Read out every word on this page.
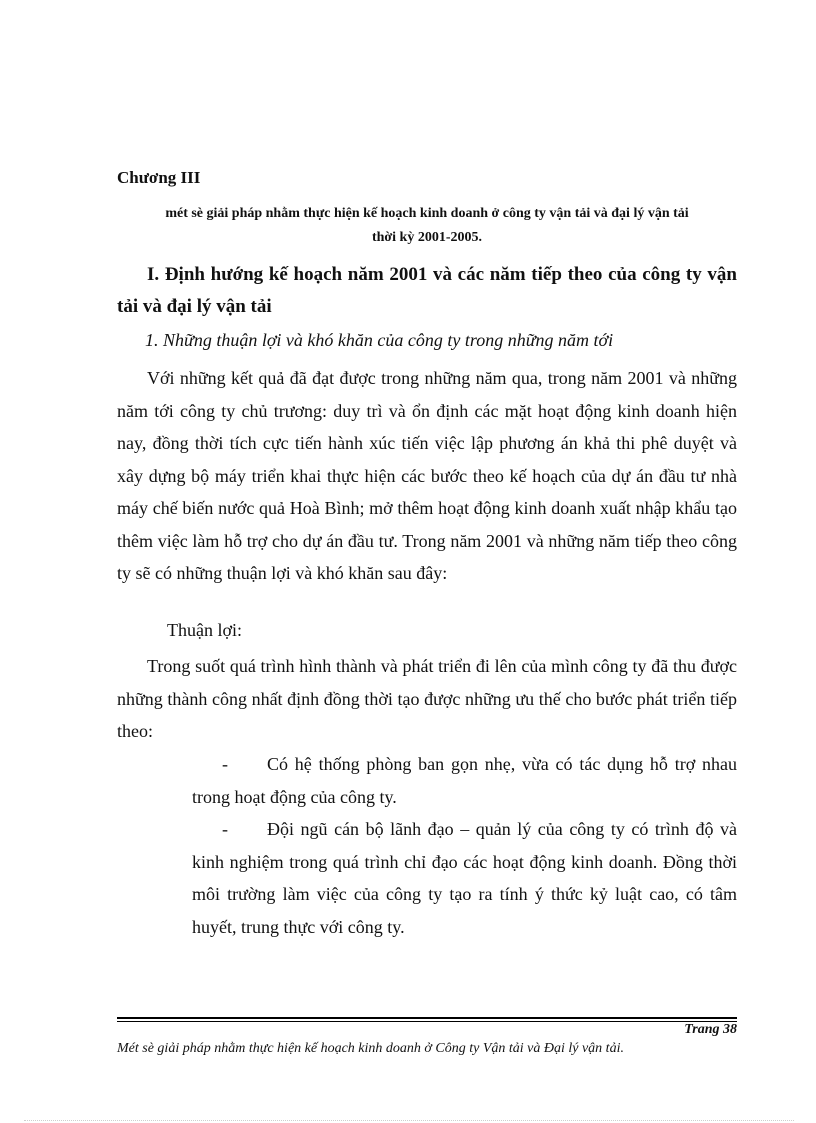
Chương III
mét sè giải pháp nhằm thực hiện kế hoạch kinh doanh ở công ty vận tải và đại lý vận tải
thời kỳ 2001-2005.
I. Định hướng kế hoạch năm 2001 và các năm tiếp theo của công ty vận tải và đại lý vận tải
1. Những thuận lợi và khó khăn của công ty trong những năm tới
Với những kết quả đã đạt được trong những năm qua, trong năm 2001 và những năm tới công ty chủ trương: duy trì và ổn định các mặt hoạt động kinh doanh hiện nay, đồng thời tích cực tiến hành xúc tiến việc lập phương án khả thi phê duyệt và xây dựng bộ máy triển khai thực hiện các bước theo kế hoạch của dự án đầu tư nhà máy chế biến nước quả Hoà Bình; mở thêm hoạt động kinh doanh xuất nhập khẩu tạo thêm việc làm hỗ trợ cho dự án đầu tư. Trong năm 2001 và những năm tiếp theo công ty sẽ có những thuận lợi và khó khăn sau đây:
Thuận lợi:
Trong suốt quá trình hình thành và phát triển đi lên của mình công ty đã thu được những thành công nhất định đồng thời tạo được những ưu thế cho bước phát triển tiếp theo:
- Có hệ thống phòng ban gọn nhẹ, vừa có tác dụng hỗ trợ nhau trong hoạt động của công ty.
- Đội ngũ cán bộ lãnh đạo – quản lý của công ty có trình độ và kinh nghiệm trong quá trình chỉ đạo các hoạt động kinh doanh. Đồng thời môi trường làm việc của công ty tạo ra tính ý thức kỷ luật cao, có tâm huyết, trung thực với công ty.
Trang 38
Mét sè giải pháp nhằm thực hiện kế hoạch kinh doanh ở Công ty Vận tải và Đại lý vận tải.
